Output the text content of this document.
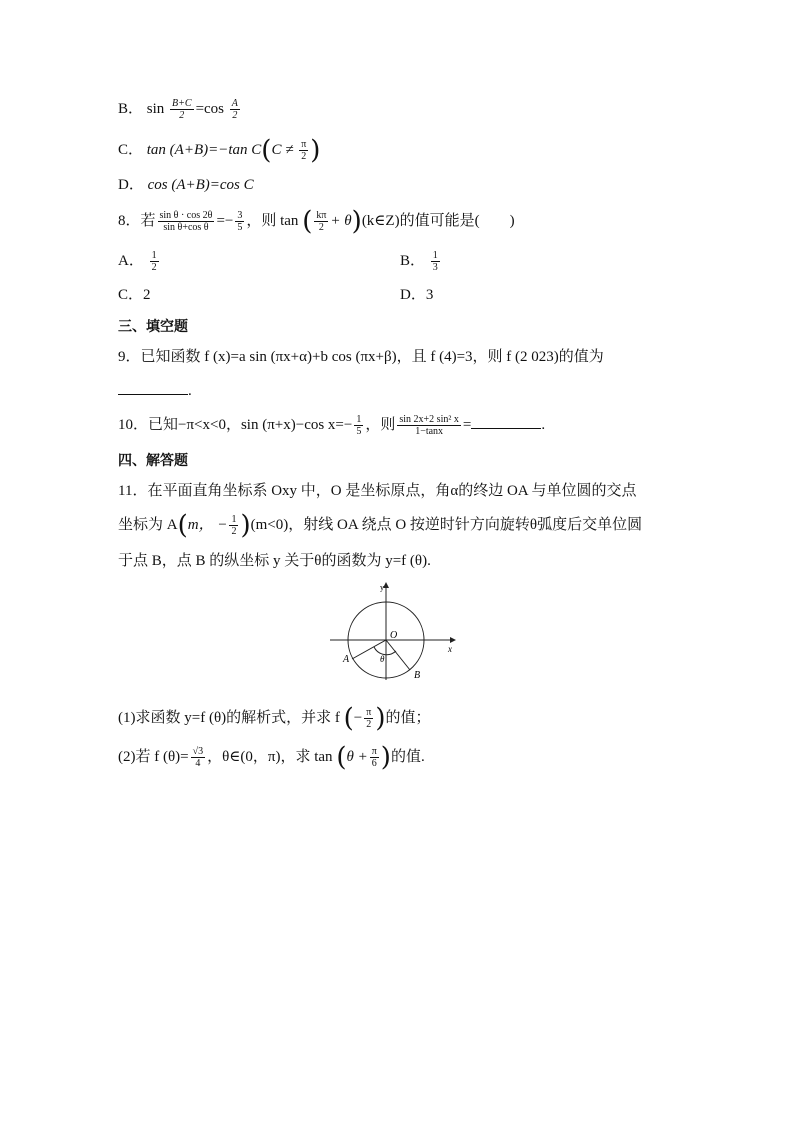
B． $\sin \frac{B+C}{2} =\cos \frac{A}{2}$
C． tan (A+B)=−tan $C(C \ne \frac{\pi}{2}$ )
D． cos (A+B)=cos C
8．若 $\frac{\text{sin θ · cos 2θ}}{\text{sin θ+cos θ}} =- \frac{3}{5}$ ，则 tan ( $\frac{k\pi}{2}$ + θ)(k∈Z)的值可能是(　　)
A． $\frac{1}{2}$	B． $\frac{1}{3}$
C．2	D．3
三、填空题
9．已知函数 f (x)=a sin (πx+α)+b cos (πx+β)，且 f (4)=3，则 f (2 023)的值为
.
10．已知−π<x<0，sin (π+x)−cos $x=- \frac{1}{5}$ ，则 $\frac{\text{sin 2x+2 sin² x}}{1-\tan x}$ =	.
四、解答题
11．在平面直角坐标系 Oxy 中，O 是坐标原点，角α的终边 OA 与单位圆的交点
坐标为 A(m， − $\frac{1}{2} )(m<0)$，射线 OA 绕点 O 按逆时针方向旋转θ弧度后交单位圆
于点 B，点 B 的纵坐标 y 关于θ的函数为 y=f (θ).
y
x
O
A
B
θ
(1)求函数 y=f (θ)的解析式，并求 f (− $\frac{\pi}{2}$ )的值；
(2)若 f $(\theta)= \frac{√3}{4}$ ，θ∈(0，π)，求 $\tan (\theta + \frac{\pi}{6}$ )的值.
